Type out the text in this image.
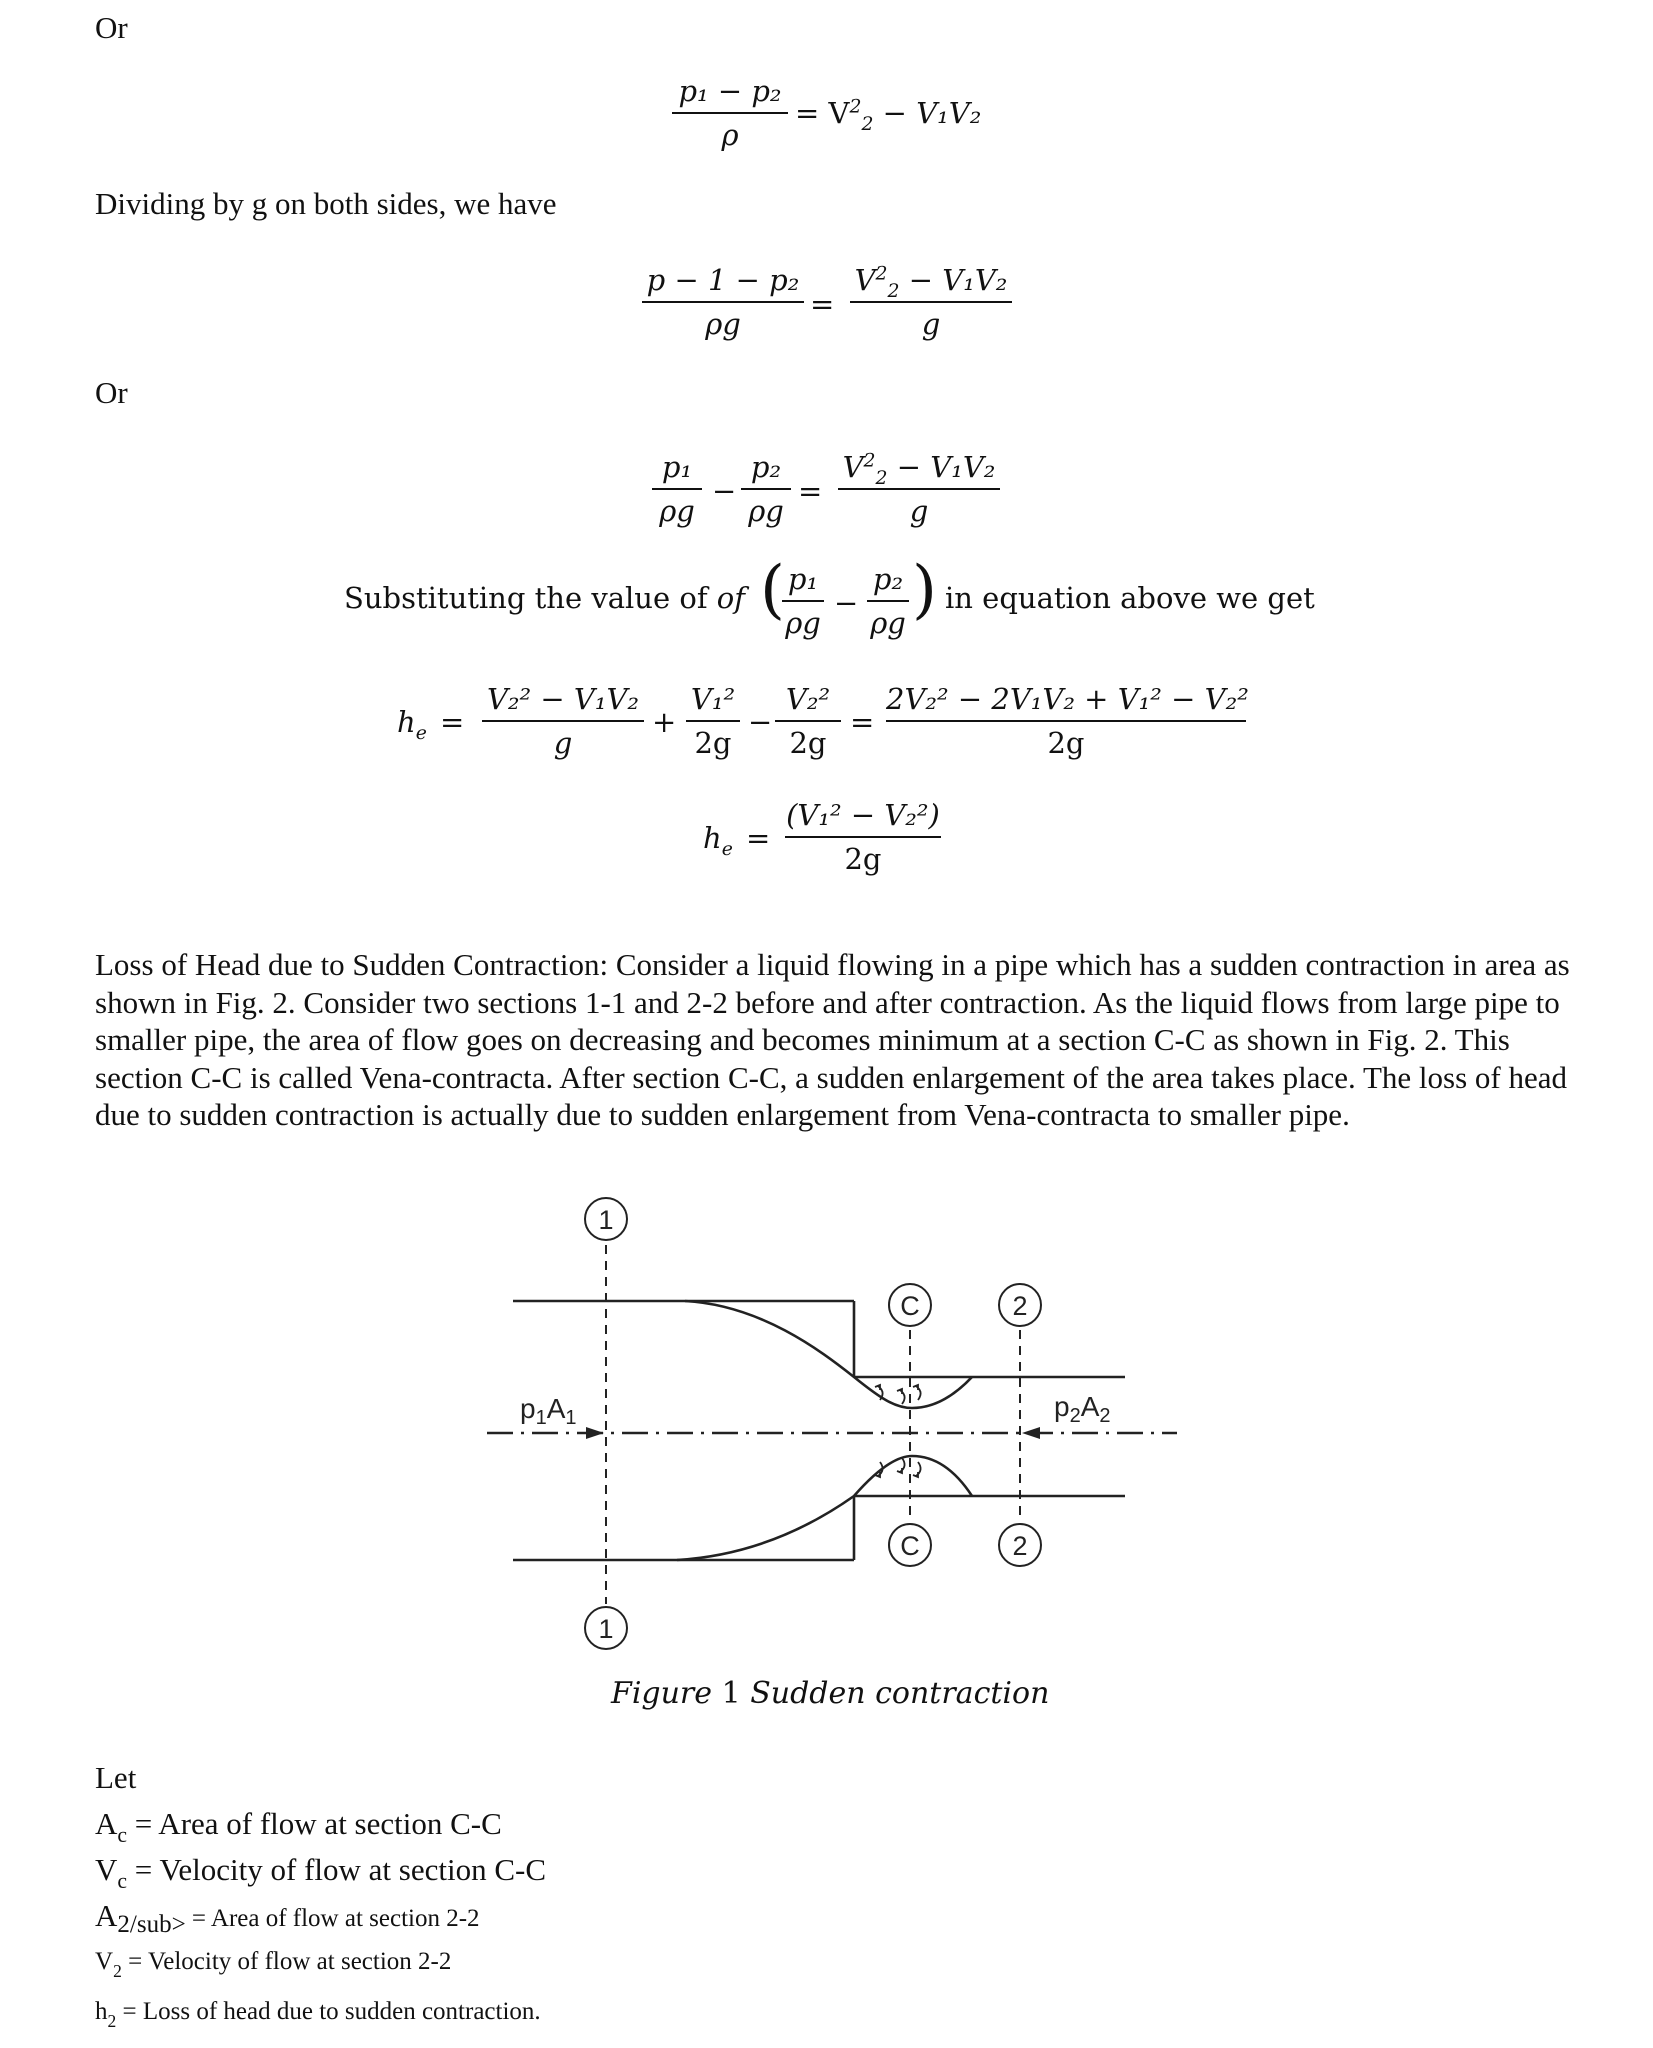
Or
p₁ − p₂
ρ
= $V^2_2 - V_1V_2$
Dividing by g on both sides, we have
p − 1 − p₂
ρg
=
$V^2_2 - V_1V_2$
g
Or
p₁
ρg
−
p₂
ρg
=
$V^2_2 - V_1V_2$
g
Substituting the value of of ( p₁
ρg
−
p₂
ρg ) in equation above we get
$h_e$ =
V₂² − V₁V₂
g
+
V₁²
2g
−
V₂²
2g
=
2V₂² − 2V₁V₂ + V₁² − V₂²
2g
$h_e$ =
(V₁² − V₂²)
2g
Loss of Head due to Sudden Contraction: Consider a liquid flowing in a pipe which has a sudden contraction in area as shown in Fig. 2. Consider two sections 1-1 and 2-2 before and after contraction. As the liquid flows from large pipe to smaller pipe, the area of flow goes on decreasing and becomes minimum at a section C-C as shown in Fig. 2. This section C-C is called Vena-contracta. After section C-C, a sudden enlargement of the area takes place. The loss of head due to sudden contraction is actually due to sudden enlargement from Vena-contracta to smaller pipe.
1
1
C
C
2
2
$p_1A_1$	$p_2A_2$
Figure 1 Sudden contraction
Let
$A_c$ = Area of flow at section C-C
$V_c$ = Velocity of flow at section C-C
$A_{2/sub>}$ = Area of flow at section 2-2
$V_2$ = Velocity of flow at section 2-2
$h_2$ = Loss of head due to sudden contraction.
